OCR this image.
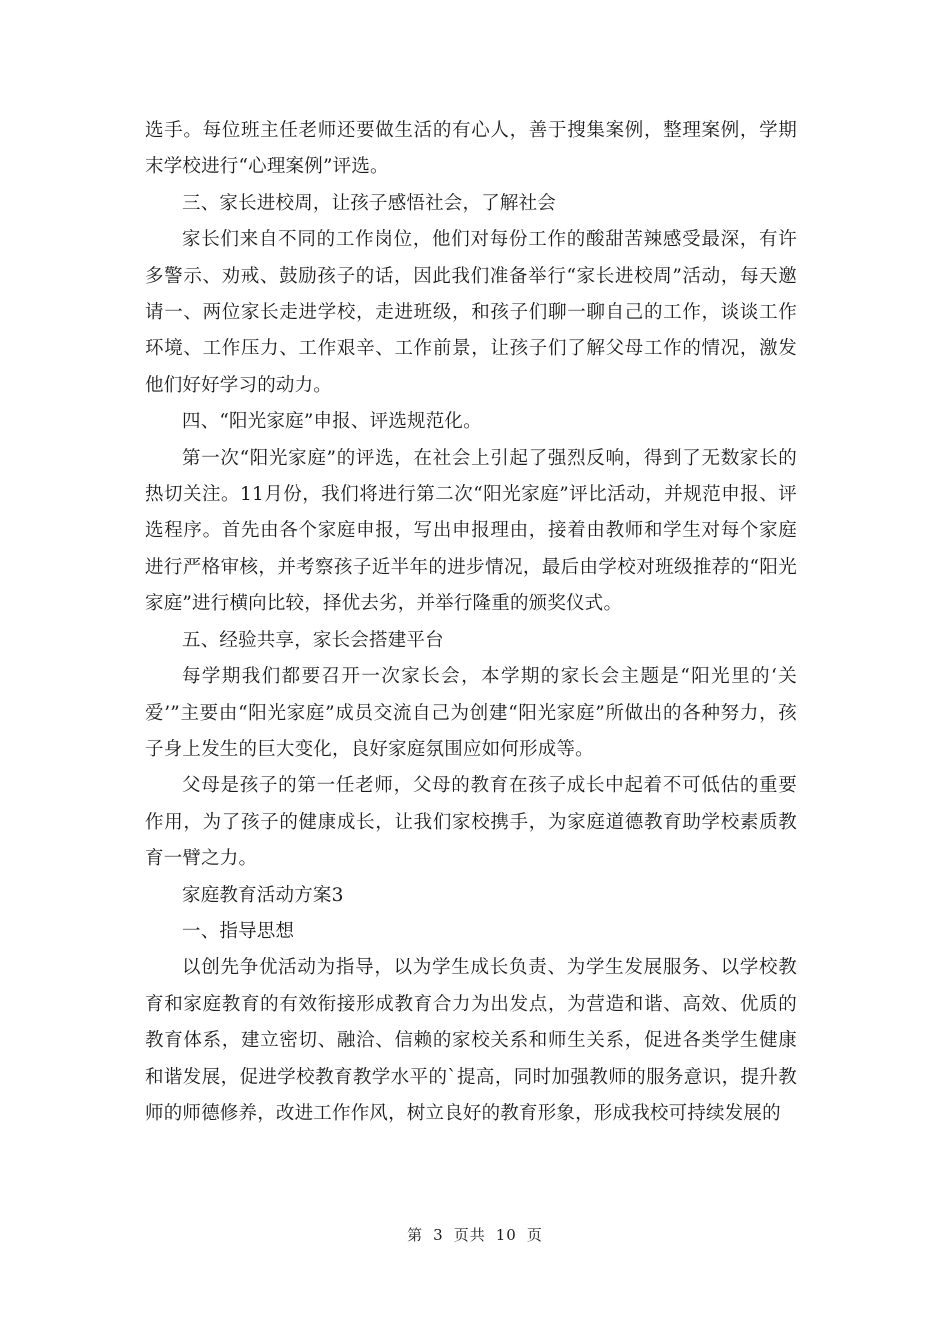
选手。每位班主任老师还要做生活的有心人，善于搜集案例，整理案例，学期末学校进行“心理案例”评选。

三、家长进校周，让孩子感悟社会，了解社会

家长们来自不同的工作岗位，他们对每份工作的酸甜苦辣感受最深，有许多警示、劝戒、鼓励孩子的话，因此我们准备举行“家长进校周”活动，每天邀请一、两位家长走进学校，走进班级，和孩子们聊一聊自己的工作，谈谈工作环境、工作压力、工作艰辛、工作前景，让孩子们了解父母工作的情况，激发他们好好学习的动力。

四、“阳光家庭”申报、评选规范化。

第一次“阳光家庭”的评选，在社会上引起了强烈反响，得到了无数家长的热切关注。11月份，我们将进行第二次“阳光家庭”评比活动，并规范申报、评选程序。首先由各个家庭申报，写出申报理由，接着由教师和学生对每个家庭进行严格审核，并考察孩子近半年的进步情况，最后由学校对班级推荐的“阳光家庭”进行横向比较，择优去劣，并举行隆重的颁奖仪式。

五、经验共享，家长会搭建平台

每学期我们都要召开一次家长会，本学期的家长会主题是“阳光里的‘关爱’”主要由“阳光家庭”成员交流自己为创建“阳光家庭”所做出的各种努力，孩子身上发生的巨大变化，良好家庭氛围应如何形成等。

父母是孩子的第一任老师，父母的教育在孩子成长中起着不可低估的重要作用，为了孩子的健康成长，让我们家校携手，为家庭道德教育助学校素质教育一臂之力。

家庭教育活动方案3

一、指导思想

以创先争优活动为指导，以为学生成长负责、为学生发展服务、以学校教育和家庭教育的有效衔接形成教育合力为出发点，为营造和谐、高效、优质的教育体系，建立密切、融洽、信赖的家校关系和师生关系，促进各类学生健康和谐发展，促进学校教育教学水平的`提高，同时加强教师的服务意识，提升教师的师德修养，改进工作作风，树立良好的教育形象，形成我校可持续发展的

第 3 页共 10 页
